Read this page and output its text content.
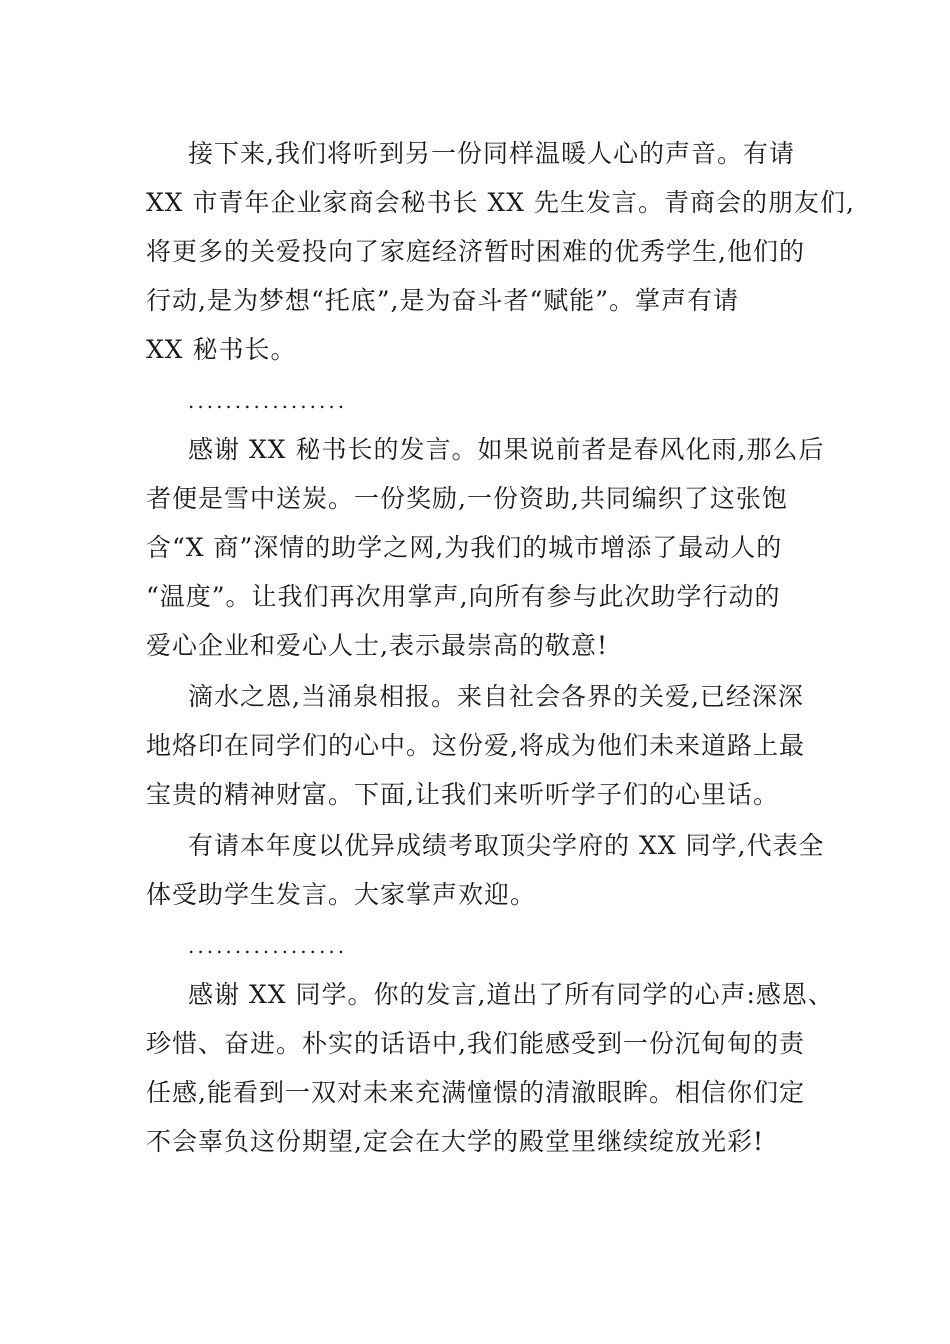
接下来,我们将听到另一份同样温暖人心的声音。有请

XX 市青年企业家商会秘书长 XX 先生发言。青商会的朋友们,

将更多的关爱投向了家庭经济暂时困难的优秀学生,他们的

行动,是为梦想“托底”,是为奋斗者“赋能”。掌声有请

XX 秘书长。

.................

感谢 XX 秘书长的发言。如果说前者是春风化雨,那么后

者便是雪中送炭。一份奖励,一份资助,共同编织了这张饱

含“X 商”深情的助学之网,为我们的城市增添了最动人的

“温度”。让我们再次用掌声,向所有参与此次助学行动的

爱心企业和爱心人士,表示最崇高的敬意!

滴水之恩,当涌泉相报。来自社会各界的关爱,已经深深

地烙印在同学们的心中。这份爱,将成为他们未来道路上最

宝贵的精神财富。下面,让我们来听听学子们的心里话。

有请本年度以优异成绩考取顶尖学府的 XX 同学,代表全

体受助学生发言。大家掌声欢迎。

.................

感谢 XX 同学。你的发言,道出了所有同学的心声:感恩、

珍惜、奋进。朴实的话语中,我们能感受到一份沉甸甸的责

任感,能看到一双对未来充满憧憬的清澈眼眸。相信你们定

不会辜负这份期望,定会在大学的殿堂里继续绽放光彩!
